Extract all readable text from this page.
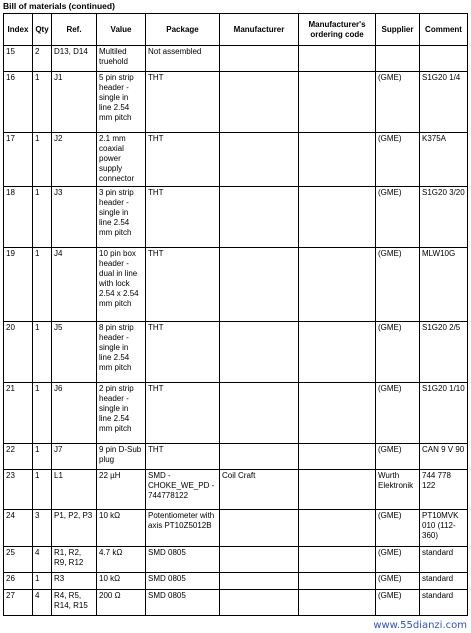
Bill of materials (continued)
Index	Qty	Ref.	Value	Package	Manufacturer	Manufacturer's ordering code	Supplier	Comment
15	2	D13, D14	Multiled truehold	Not assembled				
16	1	J1	5 pin strip header - single in line 2.54 mm pitch	THT			(GME)	S1G20 1/4
17	1	J2	2.1 mm coaxial power supply connector	THT			(GME)	K375A
18	1	J3	3 pin strip header - single in line 2.54 mm pitch	THT			(GME)	S1G20 3/20
19	1	J4	10 pin box header - dual in line with lock 2.54 x 2.54 mm pitch	THT			(GME)	MLW10G
20	1	J5	8 pin strip header - single in line 2.54 mm pitch	THT			(GME)	S1G20 2/5
21	1	J6	2 pin strip header - single in line 2.54 mm pitch	THT			(GME)	S1G20 1/10
22	1	J7	9 pin D-Sub plug	THT			(GME)	CAN 9 V 90
23	1	L1	22 µH	SMD - CHOKE_WE_PD - 744778122	Coil Craft		Wurth Elektronik	744 778 122
24	3	P1, P2, P3	10 kΩ	Potentiometer with axis PT10Z5012B			(GME)	PT10MVK 010 (112-360)
25	4	R1, R2, R9, R12	4.7 kΩ	SMD 0805			(GME)	standard
26	1	R3	10 kΩ	SMD 0805			(GME)	standard
27	4	R4, R5, R14, R15	200 Ω	SMD 0805			(GME)	standard
www.55dianzi.com
